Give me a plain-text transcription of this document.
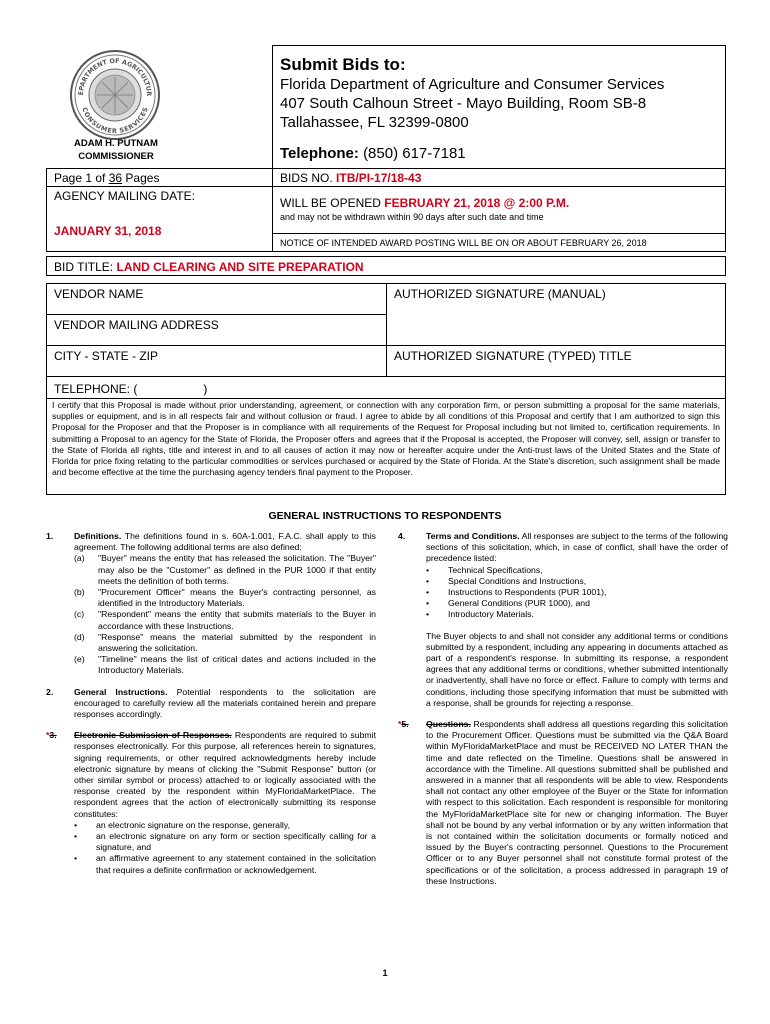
EPARTMENT OF AGRICULTUR
CONSUMER SERVICES
ADAM H. PUTNAM
COMMISSIONER
Submit Bids to:
Florida Department of Agriculture and Consumer Services
407 South Calhoun Street - Mayo Building, Room SB-8
Tallahassee, FL 32399-0800
Telephone: (850) 617-7181
Page 1 of 36 Pages
AGENCY MAILING DATE:
JANUARY 31, 2018
BIDS NO. ITB/PI-17/18-43
WILL BE OPENED FEBRUARY 21, 2018 @ 2:00 P.M.
and may not be withdrawn within 90 days after such date and time
NOTICE OF INTENDED AWARD POSTING WILL BE ON OR ABOUT FEBRUARY 26, 2018
BID TITLE: LAND CLEARING AND SITE PREPARATION
VENDOR NAME
VENDOR MAILING ADDRESS
CITY - STATE - ZIP
AUTHORIZED SIGNATURE (MANUAL)
AUTHORIZED SIGNATURE (TYPED) TITLE
TELEPHONE: (	)
I certify that this Proposal is made without prior understanding, agreement, or connection with any corporation firm, or person submitting a proposal for the same materials, supplies or equipment, and is in all respects fair and without collusion or fraud. I agree to abide by all conditions of this Proposal and certify that I am authorized to sign this Proposal for the Proposer and that the Proposer is in compliance with all requirements of the Request for Proposal including but not limited to, certification requirements. In submitting a Proposal to an agency for the State of Florida, the Proposer offers and agrees that if the Proposal is accepted, the Proposer will convey, sell, assign or transfer to the State of Florida all rights, title and interest in and to all causes of action it may now or hereafter acquire under the Anti-trust laws of the United States and the State of Florida for price fixing relating to the particular commodities or services purchased or acquired by the State of Florida. At the State's discretion, such assignment shall be made and become effective at the time the purchasing agency tenders final payment to the Proposer.
GENERAL INSTRUCTIONS TO RESPONDENTS
1. Definitions. The definitions found in s. 60A-1.001, F.A.C. shall apply to this agreement. The following additional terms are also defined:
(a) "Buyer" means the entity that has released the solicitation. The "Buyer" may also be the "Customer" as defined in the PUR 1000 if that entity meets the definition of both terms.
(b) "Procurement Officer" means the Buyer's contracting personnel, as identified in the Introductory Materials.
(c) "Respondent" means the entity that submits materials to the Buyer in accordance with these Instructions.
(d) "Response" means the material submitted by the respondent in answering the solicitation.
(e) "Timeline" means the list of critical dates and actions included in the Introductory Materials.
2. General Instructions. Potential respondents to the solicitation are encouraged to carefully review all the materials contained herein and prepare responses accordingly.
*3. Electronic Submission of Responses. Respondents are required to submit responses electronically. For this purpose, all references herein to signatures, signing requirements, or other required acknowledgments hereby include electronic signature by means of clicking the "Submit Response" button (or other similar symbol or process) attached to or logically associated with the response created by the respondent within MyFloridaMarketPlace. The respondent agrees that the action of electronically submitting its response constitutes:
• an electronic signature on the response, generally,
• an electronic signature on any form or section specifically calling for a signature, and
• an affirmative agreement to any statement contained in the solicitation that requires a definite confirmation or acknowledgement.
4. Terms and Conditions. All responses are subject to the terms of the following sections of this solicitation, which, in case of conflict, shall have the order of precedence listed:
• Technical Specifications,
• Special Conditions and Instructions,
• Instructions to Respondents (PUR 1001),
• General Conditions (PUR 1000), and
• Introductory Materials.
The Buyer objects to and shall not consider any additional terms or conditions submitted by a respondent, including any appearing in documents attached as part of a respondent's response. In submitting its response, a respondent agrees that any additional terms or conditions, whether submitted intentionally or inadvertently, shall have no force or effect. Failure to comply with terms and conditions, including those specifying information that must be submitted with a response, shall be grounds for rejecting a response.
*5. Questions. Respondents shall address all questions regarding this solicitation to the Procurement Officer. Questions must be submitted via the Q&A Board within MyFloridaMarketPlace and must be RECEIVED NO LATER THAN the time and date reflected on the Timeline. Questions shall be answered in accordance with the Timeline. All questions submitted shall be published and answered in a manner that all respondents will be able to view. Respondents shall not contact any other employee of the Buyer or the State for information with respect to this solicitation. Each respondent is responsible for monitoring the MyFloridaMarketPlace site for new or changing information. The Buyer shall not be bound by any verbal information or by any written information that is not contained within the solicitation documents or formally noticed and issued by the Buyer's contracting personnel. Questions to the Procurement Officer or to any Buyer personnel shall not constitute formal protest of the specifications or of the solicitation, a process addressed in paragraph 19 of these Instructions.
1
